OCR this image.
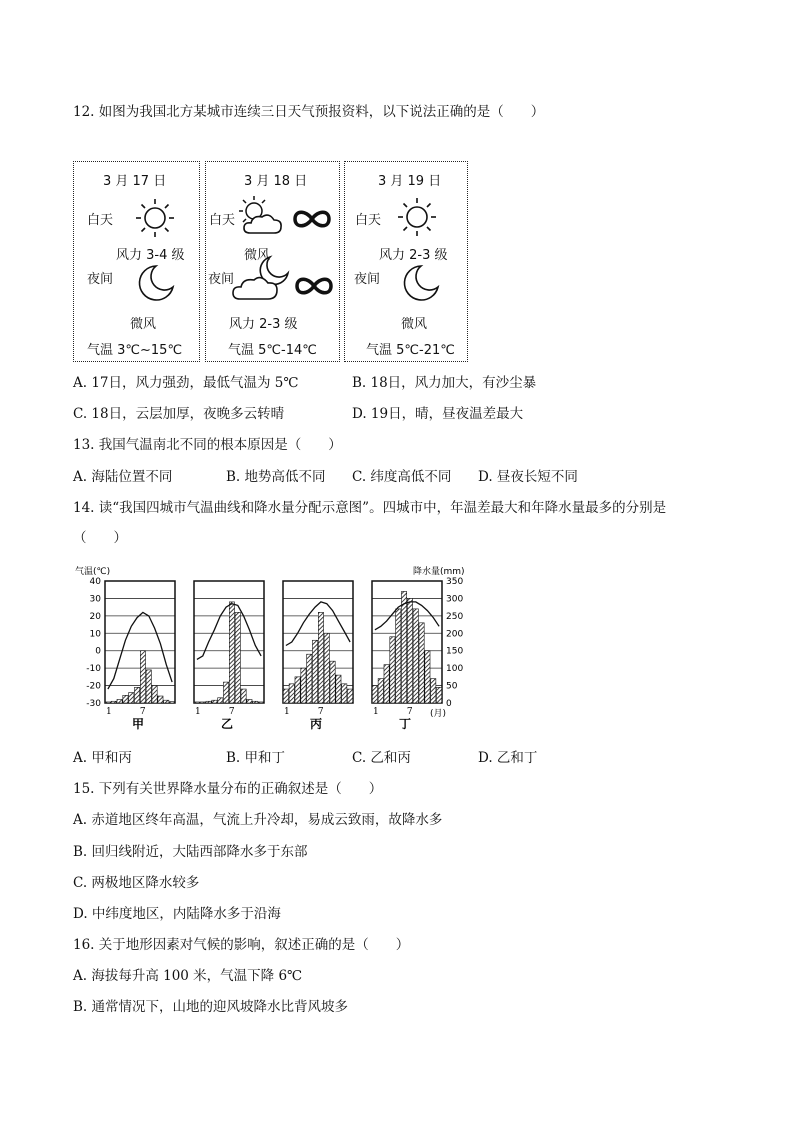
12. 如图为我国北方某城市连续三日天气预报资料，以下说法正确的是（　　）
3 月 17 日
白天
风力 3-4 级
夜间
微风
气温 3℃~15℃
3 月 18 日
白天
微风
夜间
风力 2-3 级
气温 5℃-14℃
3 月 19 日
白天
风力 2-3 级
夜间
微风
气温 5℃-21℃
A. 17日，风力强劲，最低气温为 5℃	B. 18日，风力加大，有沙尘暴
C. 18日，云层加厚，夜晚多云转晴	D. 19日，晴，昼夜温差最大
13. 我国气温南北不同的根本原因是（　　）
A. 海陆位置不同	B. 地势高低不同 C. 纬度高低不同 D. 昼夜长短不同
14. 读“我国四城市气温曲线和降水量分配示意图”。四城市中，年温差最大和年降水量最多的分别是
（　　）
气温(℃)
40
30
20
10
0
-10
-20
-30
降水量(mm)
350
300
250
200
150
100
50
0
1	7
甲
1	7
乙
1	7
丙
1	7
丁
(月)
A. 甲和丙	B. 甲和丁	C. 乙和丙	D. 乙和丁
15. 下列有关世界降水量分布的正确叙述是（　　）
A. 赤道地区终年高温，气流上升冷却，易成云致雨，故降水多
B. 回归线附近，大陆西部降水多于东部
C. 两极地区降水较多
D. 中纬度地区，内陆降水多于沿海
16. 关于地形因素对气候的影响，叙述正确的是（　　）
A. 海拔每升高 100 米，气温下降 6℃
B. 通常情况下，山地的迎风坡降水比背风坡多
